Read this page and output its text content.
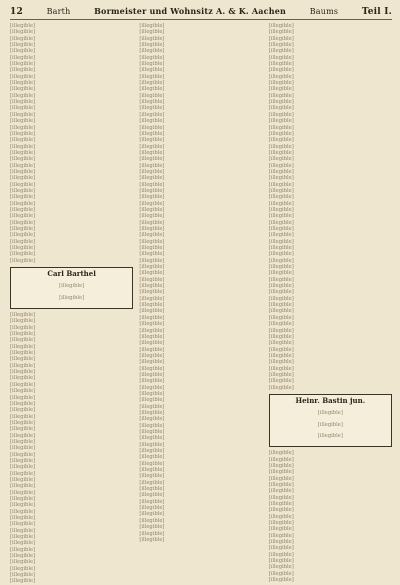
12	Barth	Bormeister und Wohnsitz A. & K. Aachen	Baums	Teil I.

[illegible]

[illegible]

[illegible]

[illegible]

[illegible]

[illegible]

[illegible]

[illegible]

[illegible]

[illegible]

[illegible]

[illegible]

[illegible]

[illegible]

[illegible]

[illegible]

[illegible]

[illegible]

[illegible]

[illegible]

[illegible]

[illegible]

[illegible]

[illegible]

[illegible]

[illegible]

[illegible]

[illegible]

[illegible]

[illegible]

[illegible]

[illegible]

[illegible]

[illegible]

[illegible]

[illegible]

[illegible]

[illegible]

Carl Barthel

[illegible]

[illegible]

[illegible]

[illegible]

[illegible]

[illegible]

[illegible]

[illegible]

[illegible]

[illegible]

[illegible]

[illegible]

[illegible]

[illegible]

[illegible]

[illegible]

[illegible]

[illegible]

[illegible]

[illegible]

[illegible]

[illegible]

[illegible]

[illegible]

[illegible]

[illegible]

[illegible]

[illegible]

[illegible]

[illegible]

[illegible]

[illegible]

[illegible]

[illegible]

[illegible]

[illegible]

[illegible]

[illegible]

[illegible]

[illegible]

[illegible]

[illegible]

[illegible]

[illegible]

[illegible]

[illegible]

[illegible]

[illegible]

[illegible]

[illegible]

[illegible]

[illegible]

[illegible]

[illegible]

[illegible]

[illegible]

[illegible]

[illegible]

[illegible]

[illegible]

[illegible]

[illegible]

[illegible]

[illegible]

[illegible]

[illegible]

[illegible]

[illegible]

[illegible]

[illegible]

[illegible]

[illegible]

[illegible]

[illegible]

[illegible]

[illegible]

[illegible]

[illegible]

[illegible]

[illegible]

[illegible]

[illegible]

[illegible]

[illegible]

[illegible]

[illegible]

[illegible]

[illegible]

[illegible]

[illegible]

[illegible]

[illegible]

[illegible]

[illegible]

[illegible]

[illegible]

[illegible]

[illegible]

[illegible]

[illegible]

[illegible]

[illegible]

[illegible]

[illegible]

[illegible]

[illegible]

[illegible]

[illegible]

[illegible]

[illegible]

[illegible]

[illegible]

[illegible]

[illegible]

[illegible]

[illegible]

[illegible]

[illegible]

[illegible]

[illegible]

[illegible]

[illegible]

[illegible]

[illegible]

[illegible]

[illegible]

[illegible]

[illegible]

[illegible]

[illegible]

[illegible]

[illegible]

[illegible]

[illegible]

[illegible]

[illegible]

[illegible]

[illegible]

[illegible]

[illegible]

[illegible]

[illegible]

[illegible]

[illegible]

[illegible]

[illegible]

[illegible]

[illegible]

[illegible]

[illegible]

[illegible]

[illegible]

[illegible]

[illegible]

[illegible]

[illegible]

[illegible]

[illegible]

[illegible]

[illegible]

[illegible]

[illegible]

[illegible]

[illegible]

[illegible]

[illegible]

[illegible]

[illegible]

[illegible]

[illegible]

[illegible]

[illegible]

[illegible]

[illegible]

[illegible]

[illegible]

[illegible]

[illegible]

[illegible]

[illegible]

[illegible]

[illegible]

[illegible]

[illegible]

[illegible]

Heinr. Bastin jun.

[illegible]

[illegible]

[illegible]

[illegible]

[illegible]

[illegible]

[illegible]

[illegible]

[illegible]

[illegible]

[illegible]

[illegible]

[illegible]

[illegible]

[illegible]

[illegible]

[illegible]

[illegible]

[illegible]

[illegible]

[illegible]

[illegible]

[illegible]

[illegible]
